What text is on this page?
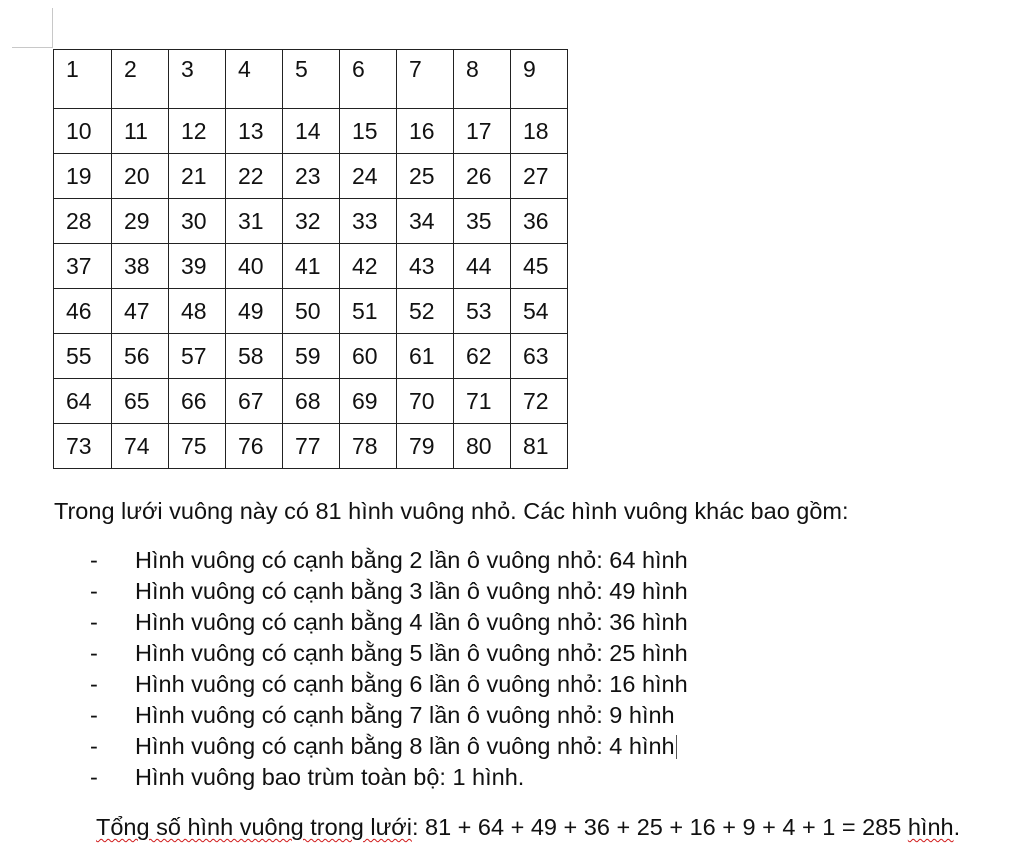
1	2	3	4	5	6	7	8	9
10	11	12	13	14	15	16	17	18
19	20	21	22	23	24	25	26	27
28	29	30	31	32	33	34	35	36
37	38	39	40	41	42	43	44	45
46	47	48	49	50	51	52	53	54
55	56	57	58	59	60	61	62	63
64	65	66	67	68	69	70	71	72
73	74	75	76	77	78	79	80	81

Trong lưới vuông này có 81 hình vuông nhỏ. Các hình vuông khác bao gồm:

-	Hình vuông có cạnh bằng 2 lần ô vuông nhỏ: 64 hình
-	Hình vuông có cạnh bằng 3 lần ô vuông nhỏ: 49 hình
-	Hình vuông có cạnh bằng 4 lần ô vuông nhỏ: 36 hình
-	Hình vuông có cạnh bằng 5 lần ô vuông nhỏ: 25 hình
-	Hình vuông có cạnh bằng 6 lần ô vuông nhỏ: 16 hình
-	Hình vuông có cạnh bằng 7 lần ô vuông nhỏ: 9 hình
-	Hình vuông có cạnh bằng 8 lần ô vuông nhỏ: 4 hình
-	Hình vuông bao trùm toàn bộ: 1 hình.

Tổng số hình vuông trong lưới: 81 + 64 + 49 + 36 + 25 + 16 + 9 + 4 + 1 = 285 hình.
